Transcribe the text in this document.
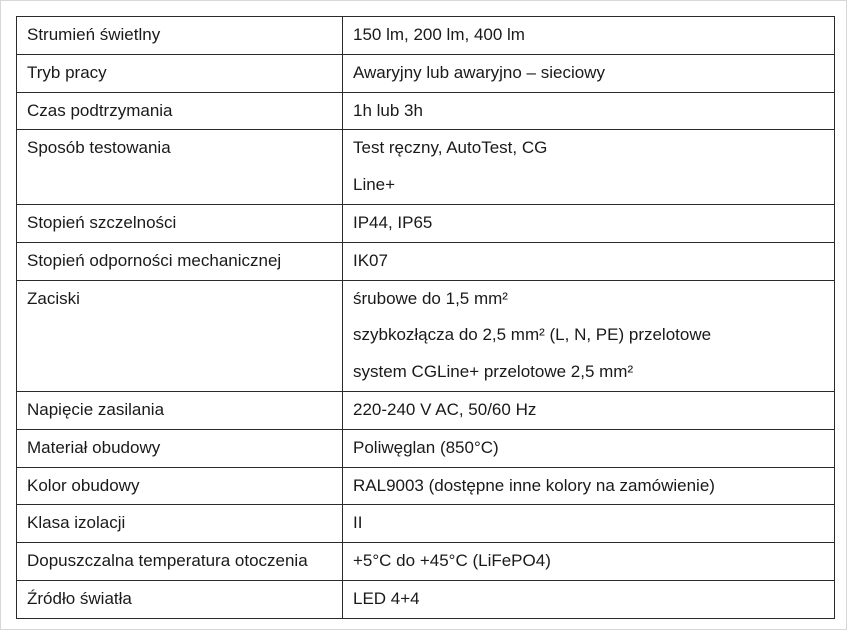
Strumień świetlny	150 lm, 200 lm, 400 lm

Tryb pracy	Awaryjny lub awaryjno – sieciowy

Czas podtrzymania	1h lub 3h

Sposób testowania	Test ręczny, AutoTest, CG
Line+

Stopień szczelności	IP44, IP65

Stopień odporności mechanicznej	IK07

Zaciski	śrubowe do 1,5 mm²
szybkozłącza do 2,5 mm² (L, N, PE) przelotowe
system CGLine+ przelotowe 2,5 mm²

Napięcie zasilania	220-240 V AC, 50/60 Hz

Materiał obudowy	Poliwęglan (850°C)

Kolor obudowy	RAL9003 (dostępne inne kolory na zamówienie)

Klasa izolacji	II

Dopuszczalna temperatura otoczenia	+5°C do +45°C (LiFePO4)

Źródło światła	LED 4+4
